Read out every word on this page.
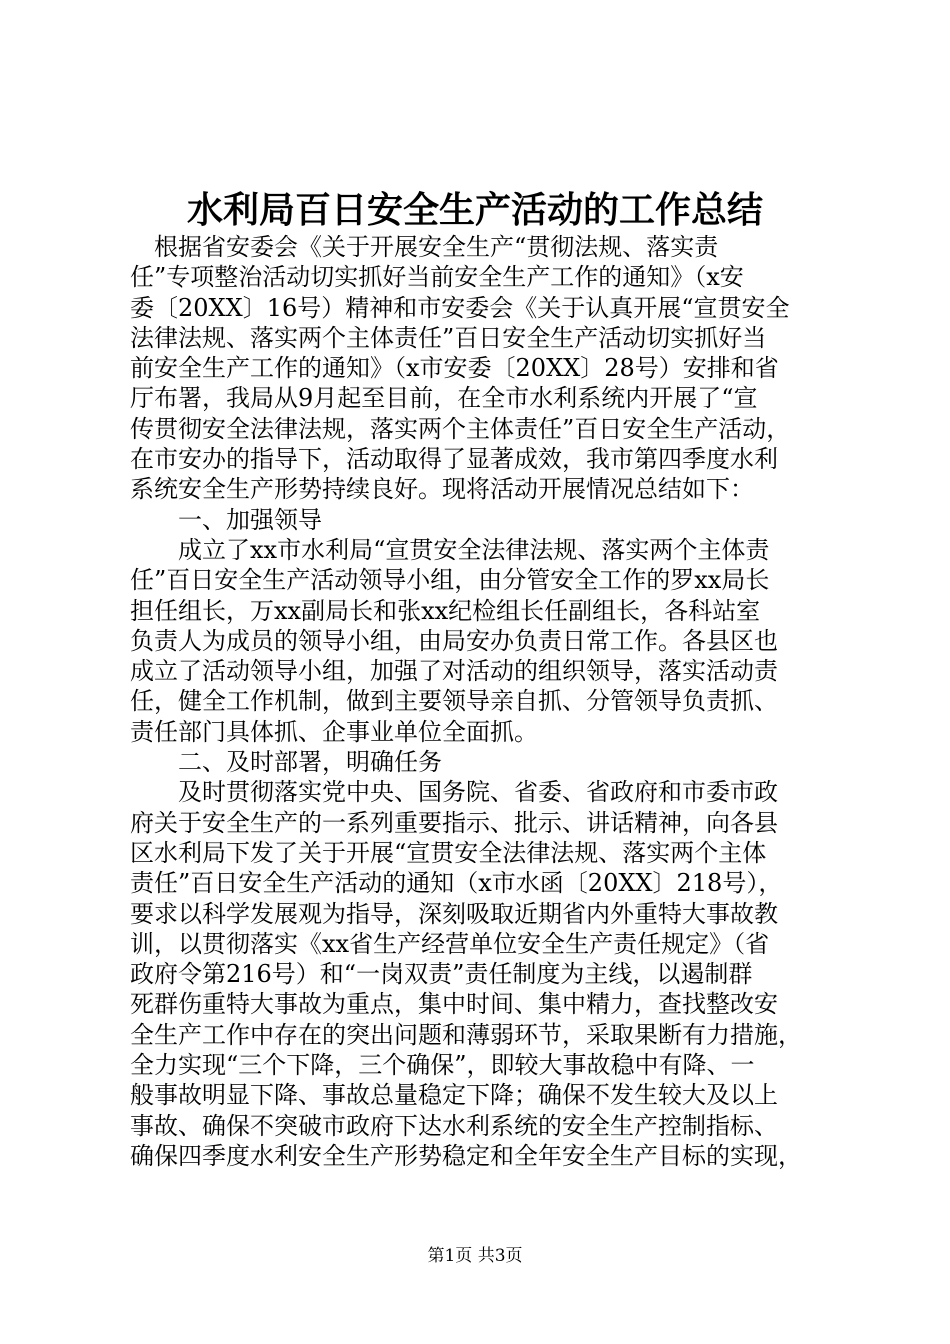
水利局百日安全生产活动的工作总结
　根据省安委会《关于开展安全生产“贯彻法规、落实责
任”专项整治活动切实抓好当前安全生产工作的通知》（x安
委〔20XX〕16号）精神和市安委会《关于认真开展“宣贯安全
法律法规、落实两个主体责任”百日安全生产活动切实抓好当
前安全生产工作的通知》（x市安委〔20XX〕28号）安排和省
厅布署，我局从9月起至目前，在全市水利系统内开展了“宣
传贯彻安全法律法规，落实两个主体责任”百日安全生产活动，
在市安办的指导下，活动取得了显著成效，我市第四季度水利
系统安全生产形势持续良好。现将活动开展情况总结如下：
　　一、加强领导
　　成立了xx市水利局“宣贯安全法律法规、落实两个主体责
任”百日安全生产活动领导小组，由分管安全工作的罗xx局长
担任组长，万xx副局长和张xx纪检组长任副组长，各科站室
负责人为成员的领导小组，由局安办负责日常工作。各县区也
成立了活动领导小组，加强了对活动的组织领导，落实活动责
任，健全工作机制，做到主要领导亲自抓、分管领导负责抓、
责任部门具体抓、企事业单位全面抓。
　　二、及时部署，明确任务
　　及时贯彻落实党中央、国务院、省委、省政府和市委市政
府关于安全生产的一系列重要指示、批示、讲话精神，向各县
区水利局下发了关于开展“宣贯安全法律法规、落实两个主体
责任”百日安全生产活动的通知（x市水函〔20XX〕218号），
要求以科学发展观为指导，深刻吸取近期省内外重特大事故教
训，以贯彻落实《xx省生产经营单位安全生产责任规定》（省
政府令第216号）和“一岗双责”责任制度为主线，以遏制群
死群伤重特大事故为重点，集中时间、集中精力，查找整改安
全生产工作中存在的突出问题和薄弱环节，采取果断有力措施，
全力实现“三个下降，三个确保”，即较大事故稳中有降、一
般事故明显下降、事故总量稳定下降；确保不发生较大及以上
事故、确保不突破市政府下达水利系统的安全生产控制指标、
确保四季度水利安全生产形势稳定和全年安全生产目标的实现，
第1页 共3页
